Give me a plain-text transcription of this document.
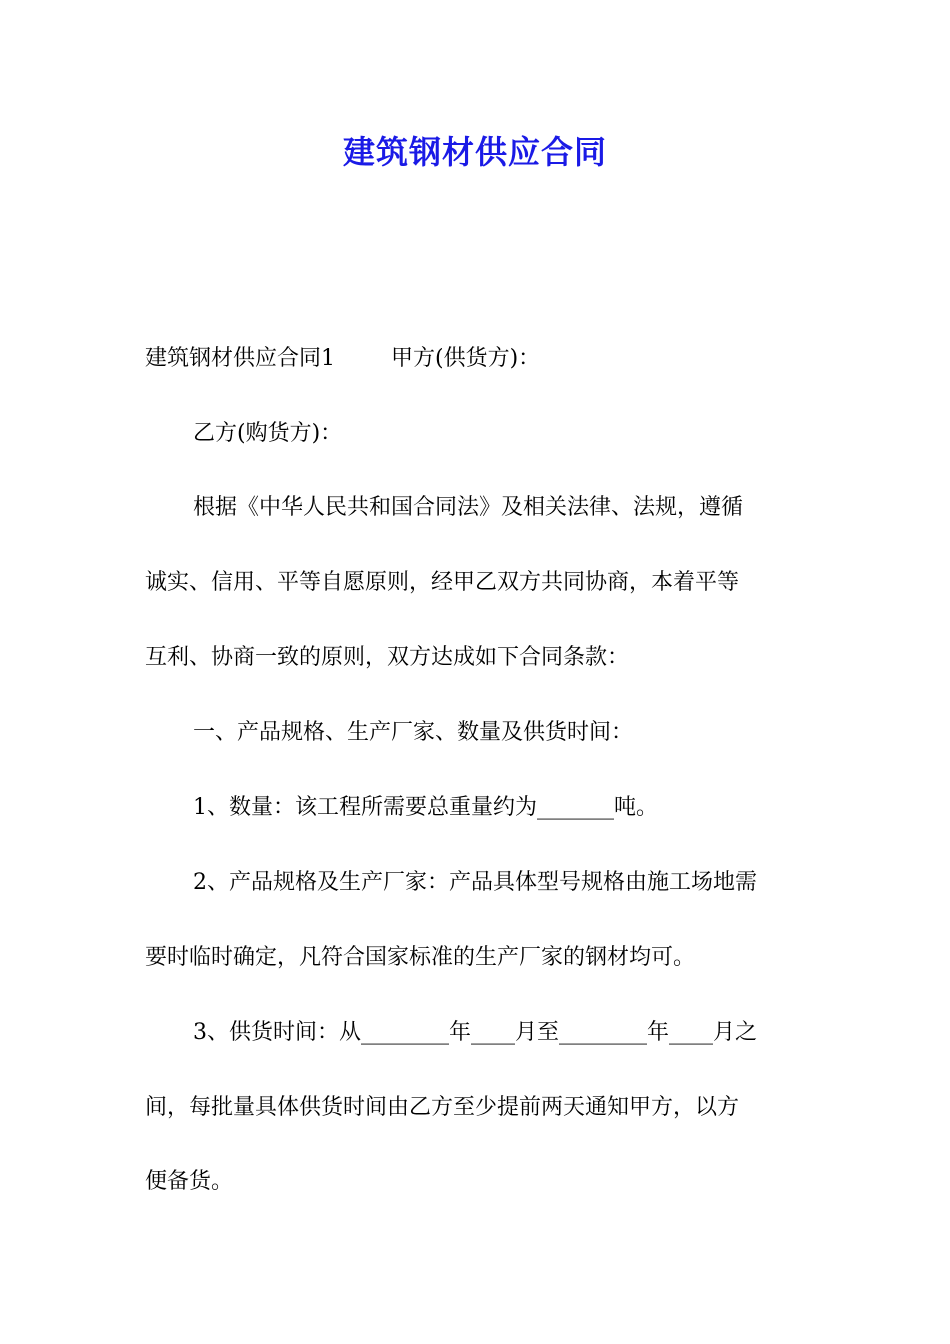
建筑钢材供应合同
建筑钢材供应合同1	甲方(供货方)：
乙方(购货方)：
根据《中华人民共和国合同法》及相关法律、法规，遵循
诚实、信用、平等自愿原则，经甲乙双方共同协商，本着平等
互利、协商一致的原则，双方达成如下合同条款：
一、产品规格、生产厂家、数量及供货时间：
1、数量：该工程所需要总重量约为_______吨。
2、产品规格及生产厂家：产品具体型号规格由施工场地需
要时临时确定，凡符合国家标准的生产厂家的钢材均可。
3、供货时间：从________年____月至________年____月之
间，每批量具体供货时间由乙方至少提前两天通知甲方，以方
便备货。
